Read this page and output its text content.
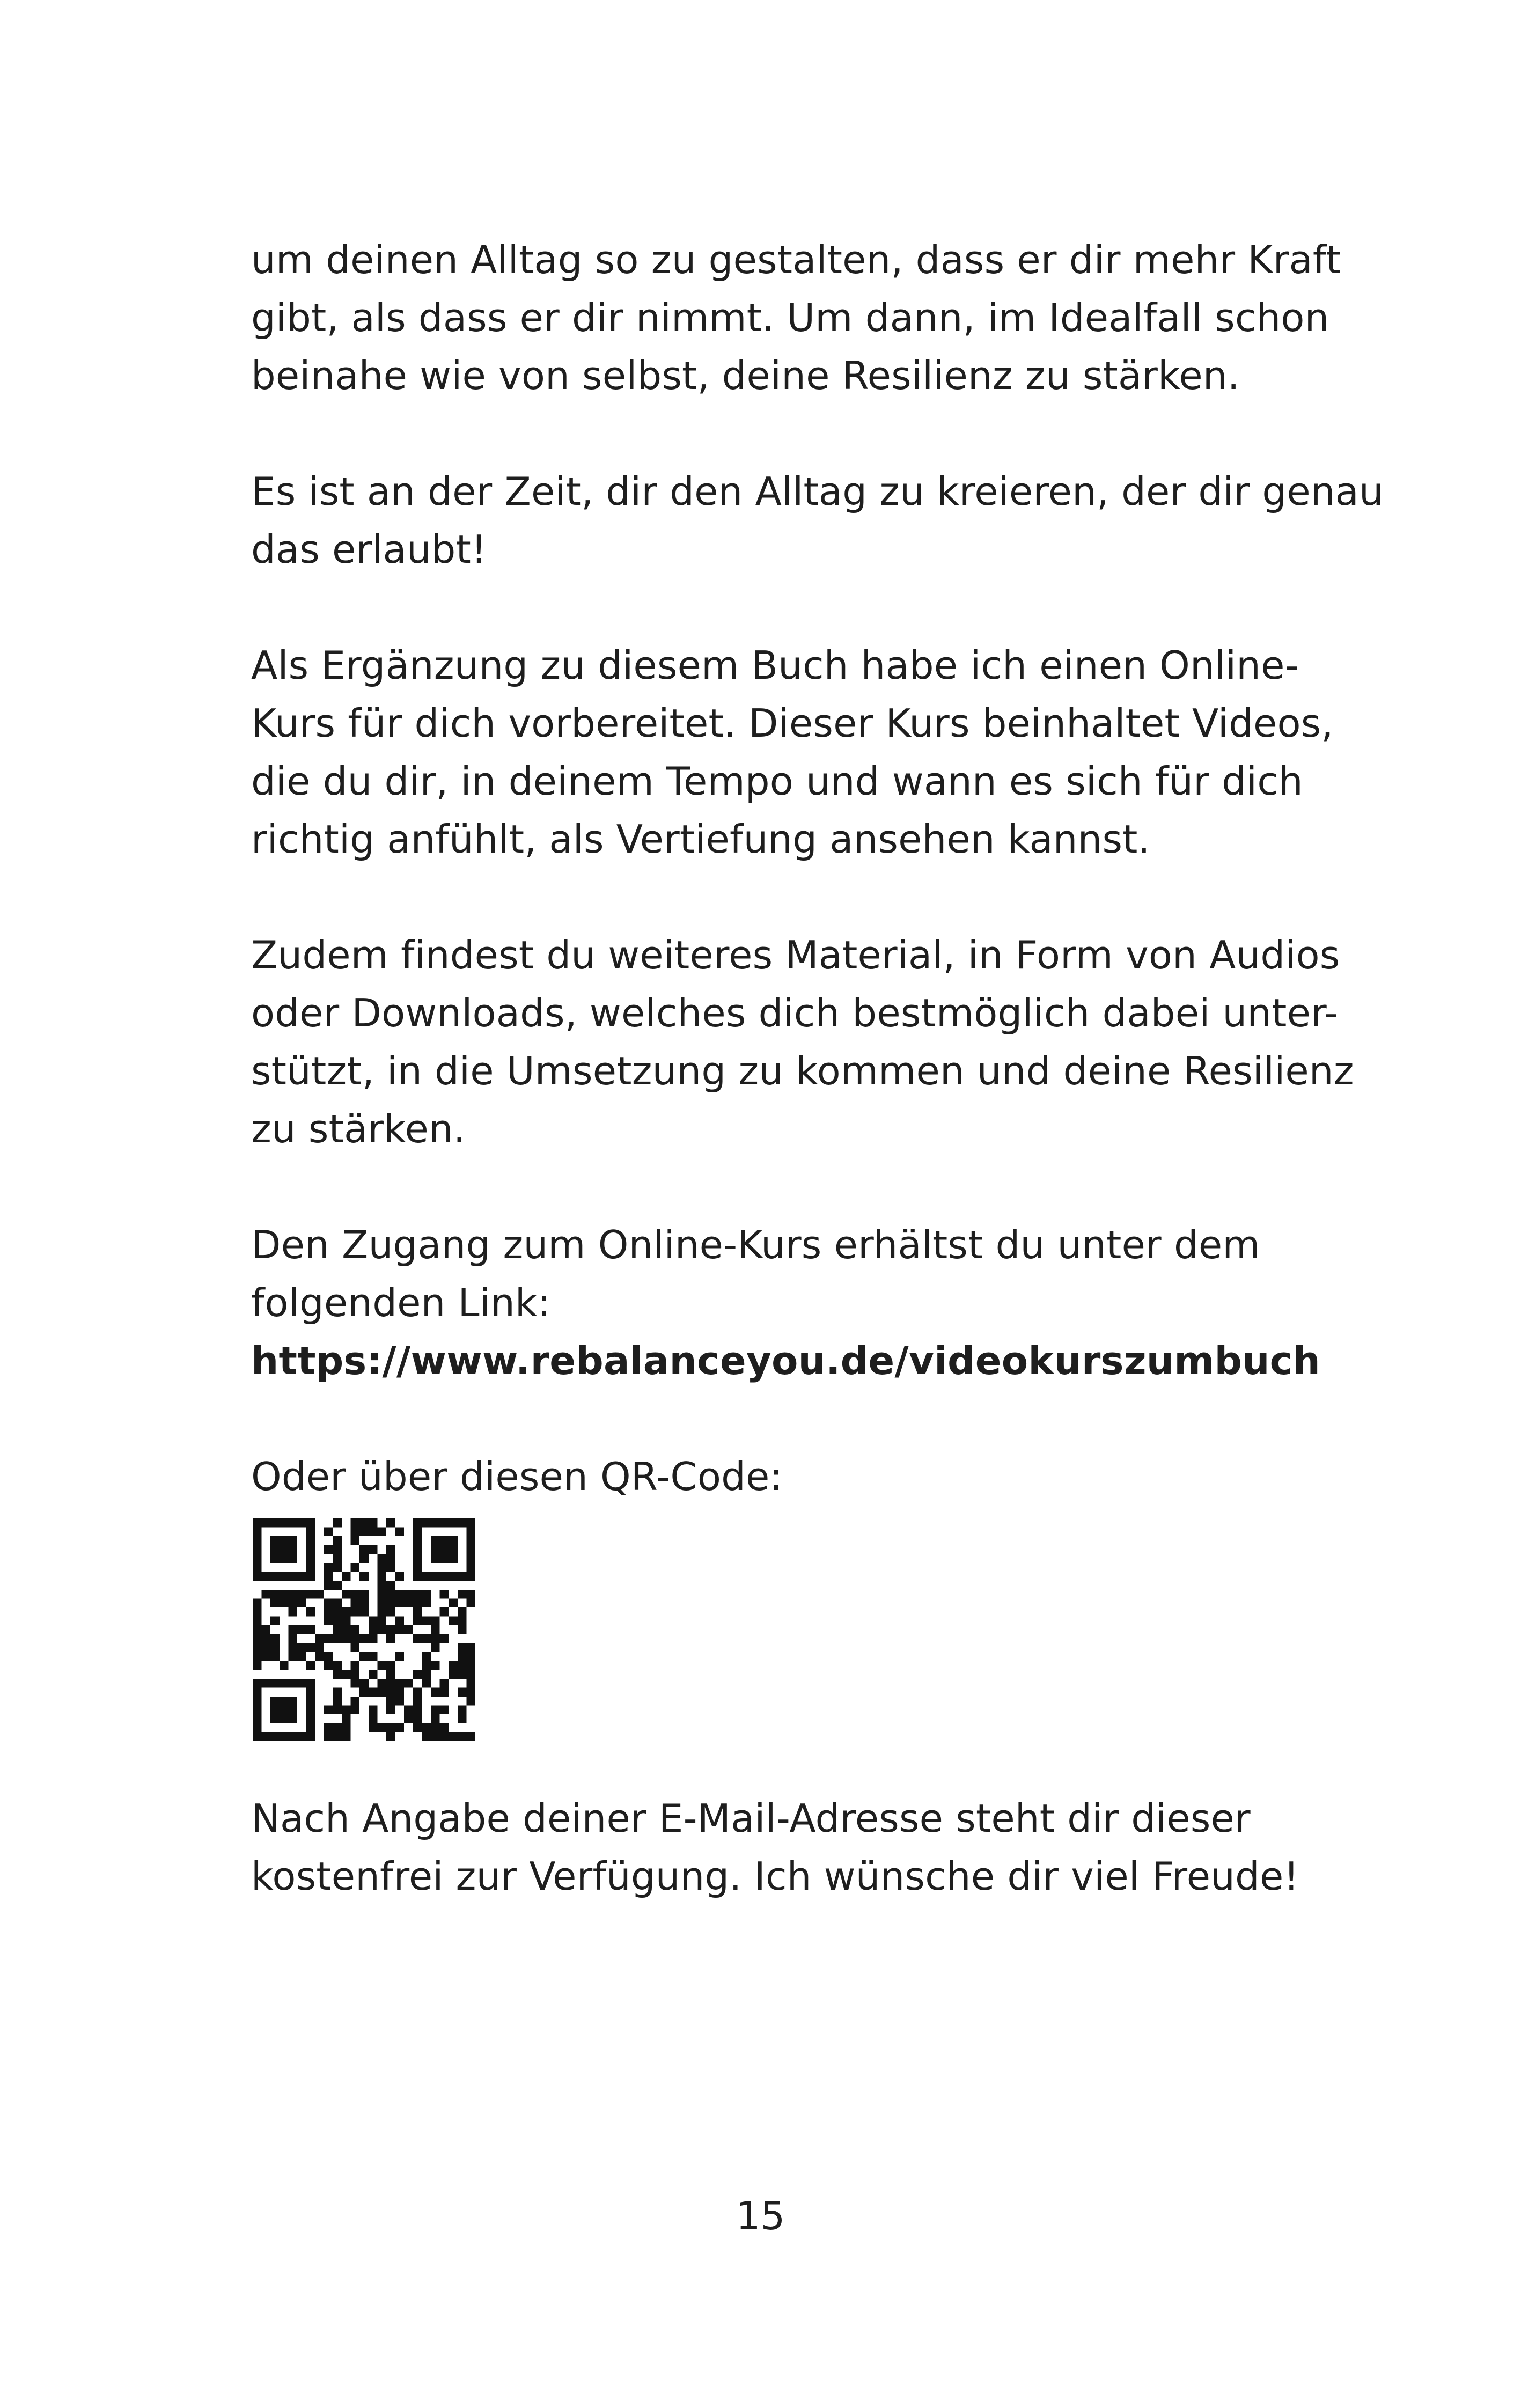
um deinen Alltag so zu gestalten, dass er dir mehr Kraft
gibt, als dass er dir nimmt. Um dann, im Idealfall schon
beinahe wie von selbst, deine Resilienz zu stärken.

Es ist an der Zeit, dir den Alltag zu kreieren, der dir genau
das erlaubt!

Als Ergänzung zu diesem Buch habe ich einen Online-
Kurs für dich vorbereitet. Dieser Kurs beinhaltet Videos,
die du dir, in deinem Tempo und wann es sich für dich
richtig anfühlt, als Vertiefung ansehen kannst.

Zudem findest du weiteres Material, in Form von Audios
oder Downloads, welches dich bestmöglich dabei unter-
stützt, in die Umsetzung zu kommen und deine Resilienz
zu stärken.

Den Zugang zum Online-Kurs erhältst du unter dem
folgenden Link:
https://www.rebalanceyou.de/videokurszumbuch

Oder über diesen QR-Code:

Nach Angabe deiner E-Mail-Adresse steht dir dieser
kostenfrei zur Verfügung. Ich wünsche dir viel Freude!

15
